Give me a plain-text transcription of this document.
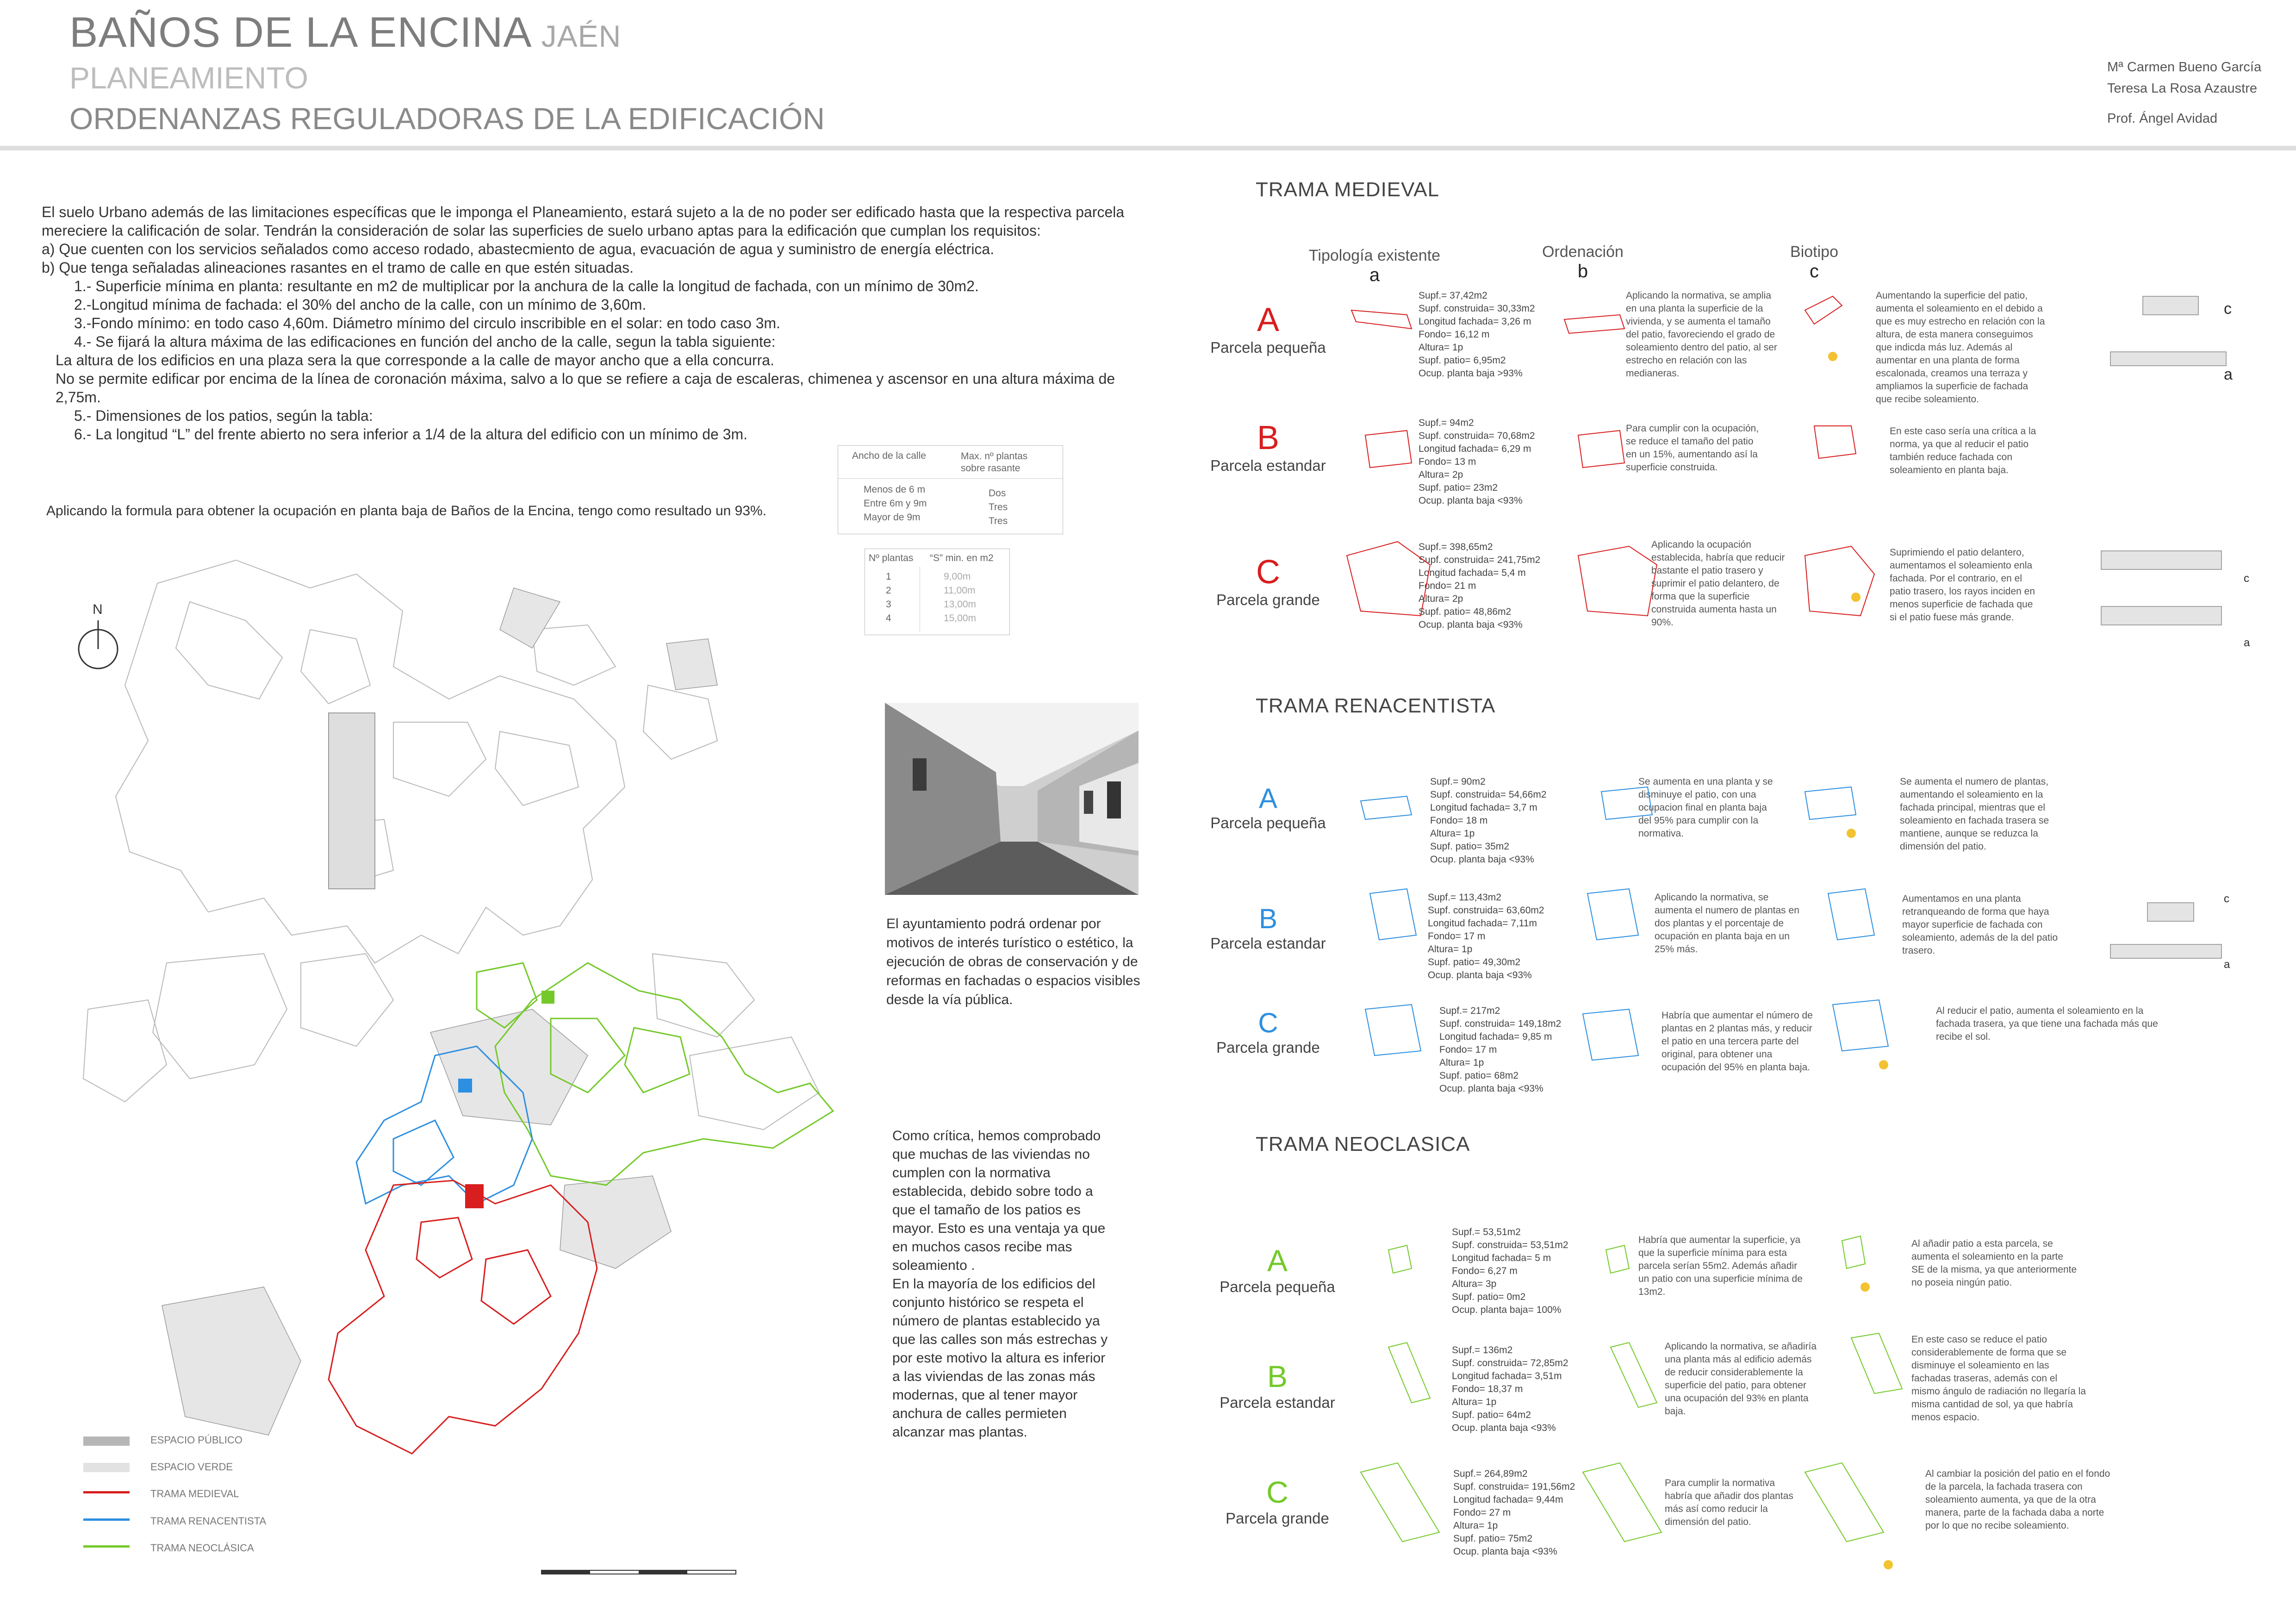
BAÑOS DE LA ENCINA JAÉN
PLANEAMIENTO
ORDENANZAS REGULADORAS DE LA EDIFICACIÓN
Mª Carmen Bueno García
Teresa La Rosa Azaustre
Prof. Ángel Avidad

El suelo Urbano además de las limitaciones específicas que le imponga el Planeamiento, estará sujeto a la de no poder ser edificado hasta que la respectiva parcela mereciere la calificación de solar. Tendrán la consideración de solar las superficies de suelo urbano aptas para la edificación que cumplan los requisitos:

a) Que cuenten con los servicios señalados como acceso rodado, abastecmiento de agua, evacuación de agua y suministro de energía eléctrica.

b) Que tenga señaladas alineaciones rasantes en el tramo de calle en que estén situadas.

1.- Superficie mínima en planta: resultante en m2 de multiplicar por la anchura de la calle la longitud de fachada, con un mínimo de 30m2.

2.-Longitud mínima de fachada: el 30% del ancho de la calle, con un mínimo de 3,60m.

3.-Fondo mínimo: en todo caso 4,60m. Diámetro mínimo del circulo inscribible en el solar: en todo caso 3m.

4.- Se fijará la altura máxima de las edificaciones en función del ancho de la calle, segun la tabla siguiente:

La altura de los edificios en una plaza sera la que corresponde a la calle de mayor ancho que a ella concurra.

No se permite edificar por encima de la línea de coronación máxima, salvo a lo que se refiere a caja de escaleras, chimenea y ascensor en una altura máxima de 2,75m.

5.- Dimensiones de los patios, según la tabla:

6.- La longitud “L” del frente abierto no sera inferior a 1/4 de la altura del edificio con un mínimo de 3m.

Aplicando la formula para obtener la ocupación en planta baja de Baños de la Encina, tengo como resultado un 93%.
Ancho de la calle	Max. nº plantas sobre rasante
Menos de 6 m
Entre 6m y 9m
Mayor de 9m
Dos
Tres
Tres
Nº plantas “S” min. en m2
1
2
3
4
9,00m
11,00m
13,00m
15,00m
N
ESPACIO PÚBLICO
ESPACIO VERDE
TRAMA MEDIEVAL
TRAMA RENACENTISTA
TRAMA NEOCLÁSICA
El ayuntamiento podrá ordenar por motivos de interés turístico o estético, la ejecución de obras de conservación y de reformas en fachadas o espacios visibles desde la vía pública.
Como crítica, hemos comprobado que muchas de las viviendas no cumplen con la normativa establecida, debido sobre todo a que el tamaño de los patios es mayor. Esto es una ventaja ya que en muchos casos recibe mas soleamiento .
En la mayoría de los edificios del conjunto histórico se respeta el número de plantas establecido ya que las calles son más estrechas y por este motivo la altura es inferior a las viviendas de las zonas más modernas, que al tener mayor anchura de calles permieten alcanzar mas plantas.
TRAMA MEDIEVAL
Tipología existente
a
Ordenación
b
Biotipo
c
A
Parcela pequeña
Supf.= 37,42m2
Supf. construida= 30,33m2
Longitud fachada= 3,26 m
Fondo= 16,12 m
Altura= 1p
Supf. patio= 6,95m2
Ocup. planta baja >93%
Aplicando la normativa, se amplia en una planta la superficie de la vivienda, y se aumenta el tamaño del patio, favoreciendo el grado de soleamiento dentro del patio, al ser estrecho en relación con las medianeras.
Aumentando la superficie del patio, aumenta el soleamiento en el debido a que es muy estrecho en relación con la altura, de esta manera conseguimos que indicda más luz. Además al aumentar en una planta de forma escalonada, creamos una terraza y ampliamos la superficie de fachada que recibe soleamiento.
B
Parcela estandar
Supf.= 94m2
Supf. construida= 70,68m2
Longitud fachada= 6,29 m
Fondo= 13 m
Altura= 2p
Supf. patio= 23m2
Ocup. planta baja <93%
Para cumplir con la ocupación, se reduce el tamaño del patio en un 15%, aumentando así la superficie construida.
En este caso sería una crítica a la norma, ya que al reducir el patio también reduce fachada con soleamiento en planta baja.
C
Parcela grande
Supf.= 398,65m2
Supf. construida= 241,75m2
Longitud fachada= 5,4 m
Fondo= 21 m
Altura= 2p
Supf. patio= 48,86m2
Ocup. planta baja <93%
Aplicando la ocupación establecida, habría que reducir bastante el patio trasero y suprimir el patio delantero, de forma que la superficie construida aumenta hasta un 90%.
Suprimiendo el patio delantero, aumentamos el soleamiento enla fachada. Por el contrario, en el patio trasero, los rayos inciden en menos superficie de fachada que si el patio fuese más grande.
TRAMA RENACENTISTA
A
Parcela pequeña
Supf.= 90m2
Supf. construida= 54,66m2
Longitud fachada= 3,7 m
Fondo= 18 m
Altura= 1p
Supf. patio= 35m2
Ocup. planta baja <93%
Se aumenta en una planta y se disminuye el patio, con una ocupacion final en planta baja del 95% para cumplir con la normativa.
Se aumenta el numero de plantas, aumentando el soleamiento en la fachada principal, mientras que el soleamiento en fachada trasera se mantiene, aunque se reduzca la dimensión del patio.
B
Parcela estandar
Supf.= 113,43m2
Supf. construida= 63,60m2
Longitud fachada= 7,11m
Fondo= 17 m
Altura= 1p
Supf. patio= 49,30m2
Ocup. planta baja <93%
Aplicando la normativa, se aumenta el numero de plantas en dos plantas y el porcentaje de ocupación en planta baja en un 25% más.
Aumentamos en una planta retranqueando de forma que haya mayor superficie de fachada con soleamiento, además de la del patio trasero.
C
Parcela grande
Supf.= 217m2
Supf. construida= 149,18m2
Longitud fachada= 9,85 m
Fondo= 17 m
Altura= 1p
Supf. patio= 68m2
Ocup. planta baja <93%
Habría que aumentar el número de plantas en 2 plantas más, y reducir el patio en una tercera parte del original, para obtener una ocupación del 95% en planta baja.
Al reducir el patio, aumenta el soleamiento en la fachada trasera, ya que tiene una fachada más que recibe el sol.
TRAMA NEOCLASICA
A
Parcela pequeña
Supf.= 53,51m2
Supf. construida= 53,51m2
Longitud fachada= 5 m
Fondo= 6,27 m
Altura= 3p
Supf. patio= 0m2
Ocup. planta baja= 100%
Habría que aumentar la superficie, ya que la superficie mínima para esta parcela serían 55m2. Además añadir un patio con una superficie mínima de 13m2.
Al añadir patio a esta parcela, se aumenta el soleamiento en la parte SE de la misma, ya que anteriormente no poseia ningún patio.
B
Parcela estandar
Supf.= 136m2
Supf. construida= 72,85m2
Longitud fachada= 3,51m
Fondo= 18,37 m
Altura= 1p
Supf. patio= 64m2
Ocup. planta baja <93%
Aplicando la normativa, se añadiría una planta más al edificio además de reducir considerablemente la superficie del patio, para obtener una ocupación del 93% en planta baja.
En este caso se reduce el patio considerablemente de forma que se disminuye el soleamiento en las fachadas traseras, además con el mismo ángulo de radiación no llegaría la misma cantidad de sol, ya que habría menos espacio.
C
Parcela grande
Supf.= 264,89m2
Supf. construida= 191,56m2
Longitud fachada= 9,44m
Fondo= 27 m
Altura= 1p
Supf. patio= 75m2
Ocup. planta baja <93%
Para cumplir la normativa habría que añadir dos plantas más así como reducir la dimensión del patio.
Al cambiar la posición del patio en el fondo de la parcela, la fachada trasera con soleamiento aumenta, ya que de la otra manera, parte de la fachada daba a norte por lo que no recibe soleamiento.
c
a
c
a
c
a
